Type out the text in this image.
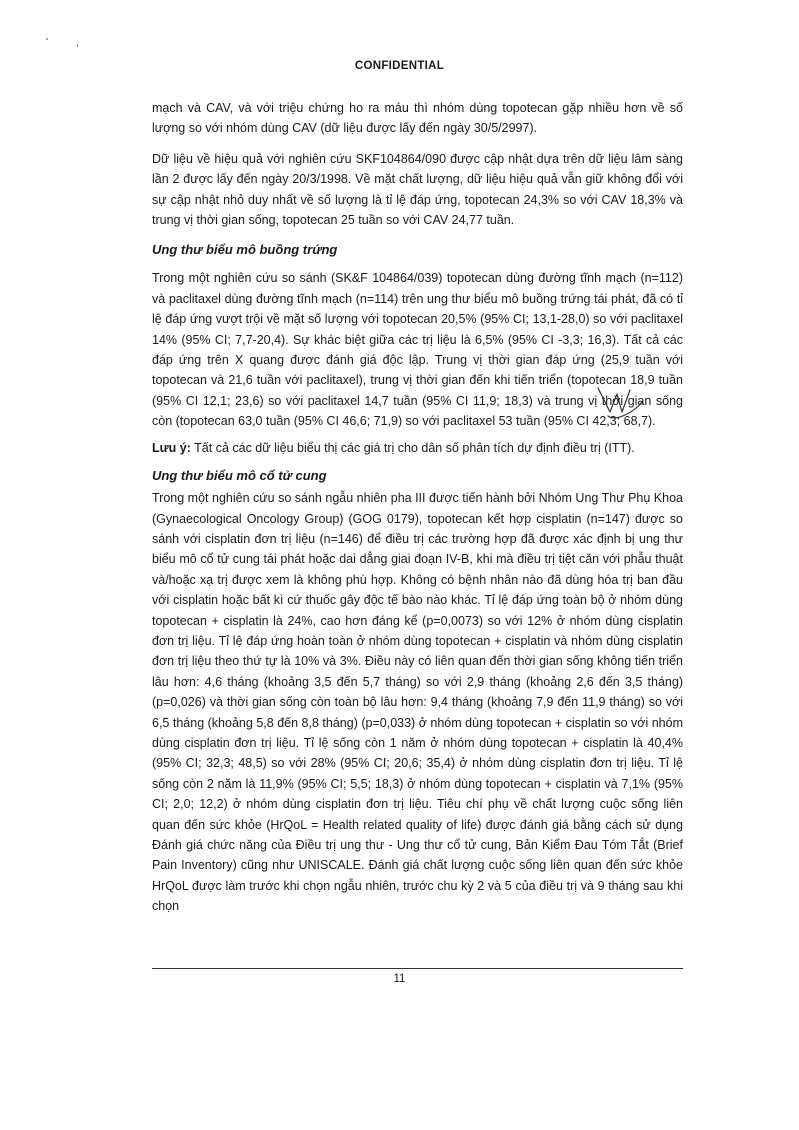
CONFIDENTIAL

mạch và CAV, và với triệu chứng ho ra máu thì nhóm dùng topotecan gặp nhiều hơn về số lượng so với nhóm dùng CAV (dữ liệu được lấy đến ngày 30/5/2997).

Dữ liệu về hiệu quả với nghiên cứu SKF104864/090 được cập nhật dựa trên dữ liệu lâm sàng lần 2 được lấy đến ngày 20/3/1998. Về mặt chất lượng, dữ liệu hiệu quả vẫn giữ không đổi với sự cập nhật nhỏ duy nhất về số lượng là tỉ lệ đáp ứng, topotecan 24,3% so với CAV 18,3% và trung vị thời gian sống, topotecan 25 tuần so với CAV 24,77 tuần.

Ung thư biểu mô buồng trứng

Trong một nghiên cứu so sánh (SK&F 104864/039) topotecan dùng đường tĩnh mạch (n=112) và paclitaxel dùng đường tĩnh mạch (n=114) trên ung thư biểu mô buồng trứng tái phát, đã có tỉ lệ đáp ứng vượt trội về mặt số lượng với topotecan 20,5% (95% CI; 13,1-28,0) so với paclitaxel 14% (95% CI; 7,7-20,4). Sự khác biệt giữa các trị liệu là 6,5% (95% CI -3,3; 16,3). Tất cả các đáp ứng trên X quang được đánh giá độc lập. Trung vị thời gian đáp ứng (25,9 tuần với topotecan và 21,6 tuần với paclitaxel), trung vị thời gian đến khi tiến triển (topotecan 18,9 tuần (95% CI 12,1; 23,6) so với paclitaxel 14,7 tuần (95% CI 11,9; 18,3) và trung vị thời gian sống còn (topotecan 63,0 tuần (95% CI 46,6; 71,9) so với paclitaxel 53 tuần (95% CI 42,3; 68,7).

Lưu ý: Tất cả các dữ liệu biểu thị các giá trị cho dân số phân tích dự định điều trị (ITT).

Ung thư biểu mô cổ tử cung

Trong một nghiên cứu so sánh ngẫu nhiên pha III được tiến hành bởi Nhóm Ung Thư Phụ Khoa (Gynaecological Oncology Group) (GOG 0179), topotecan kết hợp cisplatin (n=147) được so sánh với cisplatin đơn trị liệu (n=146) để điều trị các trường hợp đã được xác định bị ung thư biểu mô cổ tử cung tái phát hoặc dai dẳng giai đoạn IV-B, khi mà điều trị tiệt căn với phẫu thuật và/hoặc xạ trị được xem là không phù hợp. Không có bệnh nhân nào đã dùng hóa trị ban đầu với cisplatin hoặc bất kì cứ thuốc gây độc tế bào nào khác. Tỉ lệ đáp ứng toàn bộ ở nhóm dùng topotecan + cisplatin là 24%, cao hơn đáng kể (p=0,0073) so với 12% ở nhóm dùng cisplatin đơn trị liệu. Tỉ lệ đáp ứng hoàn toàn ở nhóm dùng topotecan + cisplatin và nhóm dùng cisplatin đơn trị liệu theo thứ tự là 10% và 3%. Điều này có liên quan đến thời gian sống không tiến triển lâu hơn: 4,6 tháng (khoảng 3,5 đến 5,7 tháng) so với 2,9 tháng (khoảng 2,6 đến 3,5 tháng) (p=0,026) và thời gian sống còn toàn bộ lâu hơn: 9,4 tháng (khoảng 7,9 đến 11,9 tháng) so với 6,5 tháng (khoảng 5,8 đến 8,8 tháng) (p=0,033) ở nhóm dùng topotecan + cisplatin so với nhóm dùng cisplatin đơn trị liệu. Tỉ lệ sống còn 1 năm ở nhóm dùng topotecan + cisplatin là 40,4% (95% CI; 32,3; 48,5) so với 28% (95% CI; 20,6; 35,4) ở nhóm dùng cisplatin đơn trị liệu. Tỉ lệ sống còn 2 năm là 11,9% (95% CI; 5,5; 18,3) ở nhóm dùng topotecan + cisplatin và 7,1% (95% CI; 2,0; 12,2) ở nhóm dùng cisplatin đơn trị liệu. Tiêu chí phụ về chất lượng cuộc sống liên quan đến sức khỏe (HrQoL = Health related quality of life) được đánh giá bằng cách sử dụng Đánh giá chức năng của Điều trị ung thư - Ung thư cổ tử cung, Bản Kiểm Đau Tóm Tắt (Brief Pain Inventory) cũng như UNISCALE. Đánh giá chất lượng cuộc sống liên quan đến sức khỏe HrQoL được làm trước khi chọn ngẫu nhiên, trước chu kỳ 2 và 5 của điều trị và 9 tháng sau khi chọn

11
